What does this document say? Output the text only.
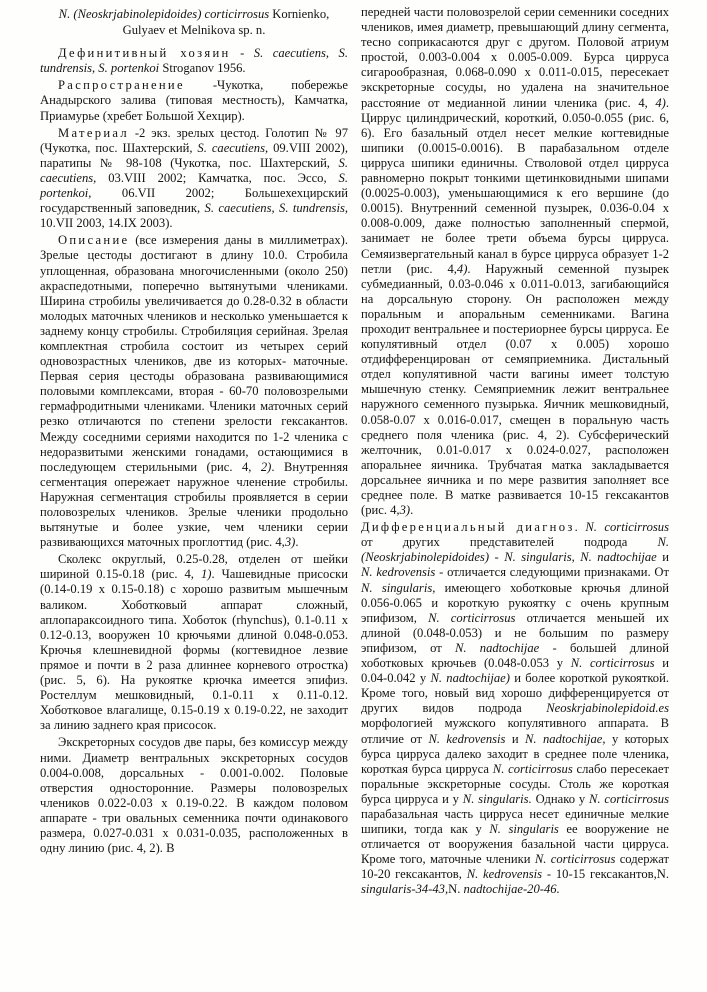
N. (Neoskrjabinolepidoides) corticirrosus Kornienko, Gulyaev et Melnikova sp. n.

Дефинитивный хозяин - S. caecutiens, S. tundrensis, S. portenkoi Stroganov 1956.

Распространение -Чукотка, побережье Анадырского залива (типовая местность), Камчатка, Приамурье (хребет Большой Хехцир).

Материал -2 экз. зрелых цестод. Голотип № 97 (Чукотка, пос. Шахтерский, S. caecutiens, 09.VIII 2002), паратипы № 98-108 (Чукотка, пос. Шахтерский, S. caecutiens, 03.VIII 2002; Камчатка, пос. Эссо, S. portenkoi, 06.VII 2002; Большехехцирский государственный заповедник, S. caecutiens, S. tundrensis, 10.VII 2003, 14.IX 2003).

Описание (все измерения даны в миллиметрах). Зрелые цестоды достигают в длину 10.0. Стробила уплощенная, образована многочисленными (около 250) акраспедотными, поперечно вытянутыми члениками. Ширина стробилы увеличивается до 0.28-0.32 в области молодых маточных члеников и несколько уменьшается к заднему концу стробилы. Стробиляция серийная. Зрелая комплектная стробила состоит из четырех серий одновозрастных члеников, две из которых- маточные. Первая серия цестоды образована развивающимися половыми комплексами, вторая - 60-70 половозрелыми гермафродитными члениками. Членики маточных серий резко отличаются по степени зрелости гексакантов. Между соседними сериями находится по 1-2 членика с недоразвитыми женскими гонадами, остающимися в последующем стерильными (рис. 4, 2). Внутренняя сегментация опережает наружное членение стробилы. Наружная сегментация стробилы проявляется в серии половозрелых члеников. Зрелые членики продольно вытянутые и более узкие, чем членики серии развивающихся маточных проглоттид (рис. 4,3).

Сколекс округлый, 0.25-0.28, отделен от шейки шириной 0.15-0.18 (рис. 4, 1). Чашевидные присоски (0.14-0.19 x 0.15-0.18) с хорошо развитым мышечным валиком. Хоботковый аппарат сложный, аплопараксоидного типа. Хоботок (rhynchus), 0.1-0.11 x 0.12-0.13, вооружен 10 крючьями длиной 0.048-0.053. Крючья клешневидной формы (когтевидное лезвие прямое и почти в 2 раза длиннее корневого отростка) (рис. 5, 6). На рукоятке крючка имеется эпифиз. Ростеллум мешковидный, 0.1-0.11 x 0.11-0.12. Хоботковое влагалище, 0.15-0.19 x 0.19-0.22, не заходит за линию заднего края присосок.

Экскреторных сосудов две пары, без комиссур между ними. Диаметр вентральных экскреторных сосудов 0.004-0.008, дорсальных - 0.001-0.002. Половые отверстия односторонние. Размеры половозрелых члеников 0.022-0.03 x 0.19-0.22. В каждом половом аппарате - три овальных семенника почти одинакового размера, 0.027-0.031 x 0.031-0.035, расположенных в одну линию (рис. 4, 2). В

передней части половозрелой серии семенники соседних члеников, имея диаметр, превышающий длину сегмента, тесно соприкасаются друг с другом. Половой атриум простой, 0.003-0.004 x 0.005-0.009. Бурса цирруса сигарообразная, 0.068-0.090 x 0.011-0.015, пересекает экскреторные сосуды, но удалена на значительное расстояние от медианной линии членика (рис. 4, 4). Циррус цилиндрический, короткий, 0.050-0.055 (рис. 6, 6). Его базальный отдел несет мелкие когтевидные шипики (0.0015-0.0016). В парабазальном отделе цирруса шипики единичны. Стволовой отдел цирруса равномерно покрыт тонкими щетинковидными шипами (0.0025-0.003), уменьшающимися к его вершине (до 0.0015). Внутренний семенной пузырек, 0.036-0.04 x 0.008-0.009, даже полностью заполненный спермой, занимает не более трети объема бурсы цирруса. Семяизвергательный канал в бурсе цирруса образует 1-2 петли (рис. 4,4). Наружный семенной пузырек субмедианный, 0.03-0.046 x 0.011-0.013, загибающийся на дорсальную сторону. Он расположен между поральным и апоральным семенниками. Вагина проходит вентральнее и постериорнее бурсы цирруса. Ее копулятивный отдел (0.07 x 0.005) хорошо отдифференцирован от семяприемника. Дистальный отдел копулятивной части вагины имеет толстую мышечную стенку. Семяприемник лежит вентральнее наружного семенного пузырька. Яичник мешковидный, 0.058-0.07 x 0.016-0.017, смещен в поральную часть среднего поля членика (рис. 4, 2). Субсферический желточник, 0.01-0.017 x 0.024-0.027, расположен апоральнее яичника. Трубчатая матка закладывается дорсальнее яичника и по мере развития заполняет все среднее поле. В матке развивается 10-15 гексакантов (рис. 4,3).

Дифференциальный диагноз. N. corticirrosus от других представителей подрода N. (Neoskrjabinolepidoides) - N. singularis, N. nadtochijae и N. kedrovensis - отличается следующими признаками. От N. singularis, имеющего хоботковые крючья длиной 0.056-0.065 и короткую рукоятку с очень крупным эпифизом, N. corticirrosus отличается меньшей их длиной (0.048-0.053) и не большим по размеру эпифизом, от N. nadtochijae - большей длиной хоботковых крючьев (0.048-0.053 у N. corticirrosus и 0.04-0.042 у N. nadtochijae) и более короткой рукояткой. Кроме того, новый вид хорошо дифференцируется от других видов подрода Neoskrjabinolepidoid.es морфологией мужского копулятивного аппарата. В отличие от N. kedrovensis и N. nadtochijae, у которых бурса цирруса далеко заходит в среднее поле членика, короткая бурса цирруса N. corticirrosus слабо пересекает поральные экскреторные сосуды. Столь же короткая бурса цирруса и у N. singularis. Однако у N. corticirrosus парабазальная часть цирруса несет единичные мелкие шипики, тогда как у N. singularis ее вооружение не отличается от вооружения базальной части цирруса. Кроме того, маточные членики N. corticirrosus содержат 10-20 гексакантов, N. kedrovensis - 10-15 гексакантов,N. singularis-34-43,N. nadtochijae-20-46.
